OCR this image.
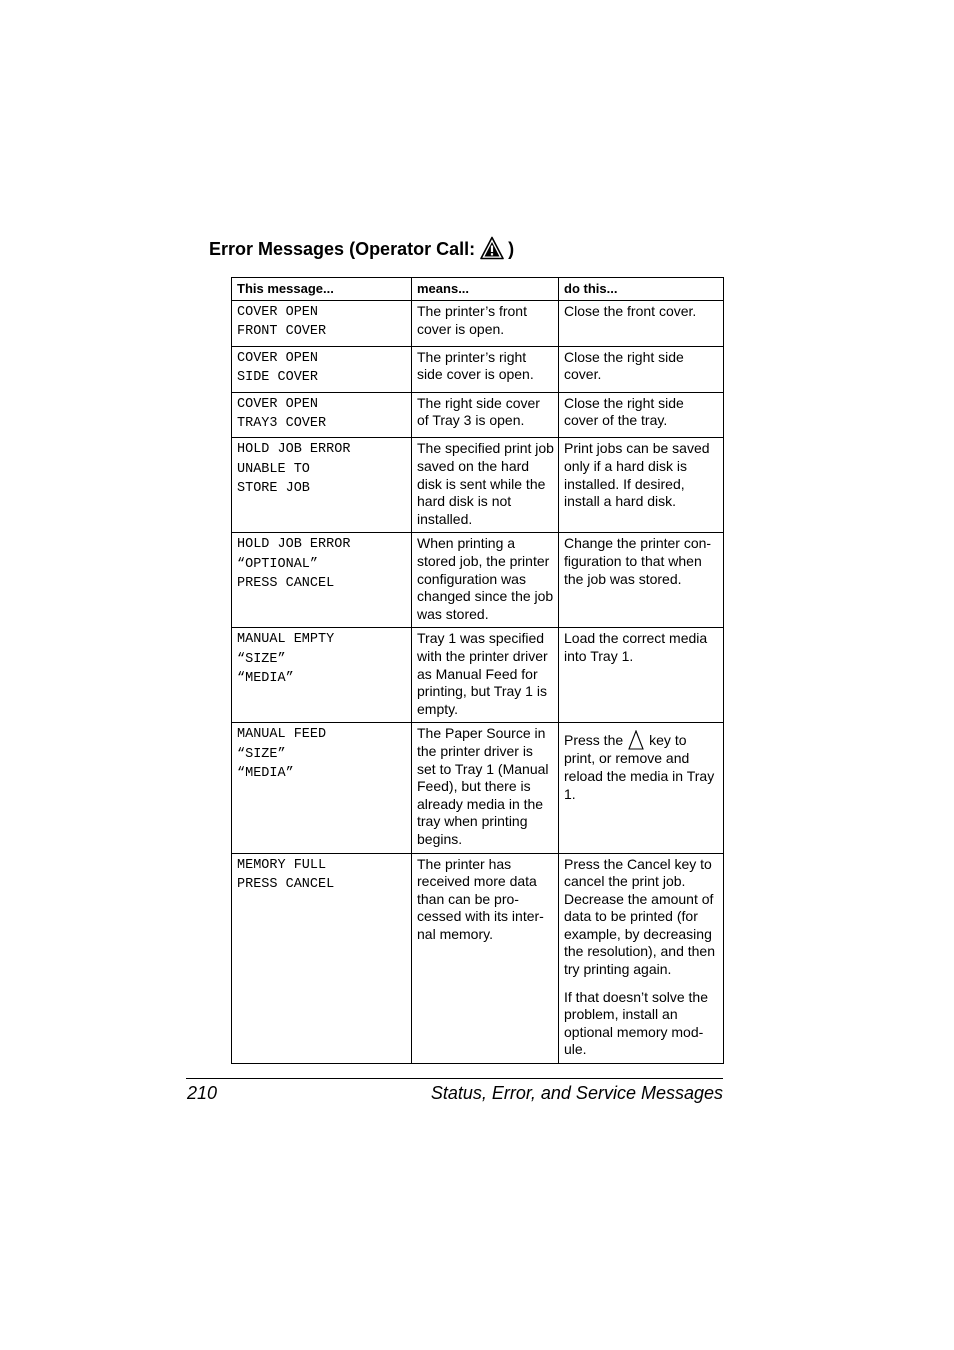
Error Messages (Operator Call: )
This message...	means...	do this...
COVER OPEN
FRONT COVER	The printer’s front cover is open.	Close the front cover.

COVER OPEN
SIDE COVER	The printer’s right side cover is open.	Close the right side cover.

COVER OPEN
TRAY3 COVER	The right side cover of Tray 3 is open.	Close the right side cover of the tray.

HOLD JOB ERROR
UNABLE TO
STORE JOB	The specified print job saved on the hard disk is sent while the hard disk is not installed.	Print jobs can be saved only if a hard disk is installed. If desired, install a hard disk.

HOLD JOB ERROR
“OPTIONAL”
PRESS CANCEL	When printing a stored job, the printer configuration was changed since the job was stored.	Change the printer con-figuration to that when the job was stored.

MANUAL EMPTY
“SIZE”
“MEDIA”	Tray 1 was specified with the printer driver as Manual Feed for printing, but Tray 1 is empty.	Load the correct media into Tray 1.

MANUAL FEED
“SIZE”
“MEDIA”	The Paper Source in the printer driver is set to Tray 1 (Manual Feed), but there is already media in the tray when printing begins.	Press the key to print, or remove and reload the media in Tray 1.
MEMORY FULL
PRESS CANCEL	The printer has received more data than can be pro-cessed with its inter-nal memory.	Press the Cancel key to cancel the print job. Decrease the amount of data to be printed (for example, by decreasing the resolution), and then try printing again.
If that doesn’t solve the problem, install an optional memory mod-ule.
210	Status, Error, and Service Messages
